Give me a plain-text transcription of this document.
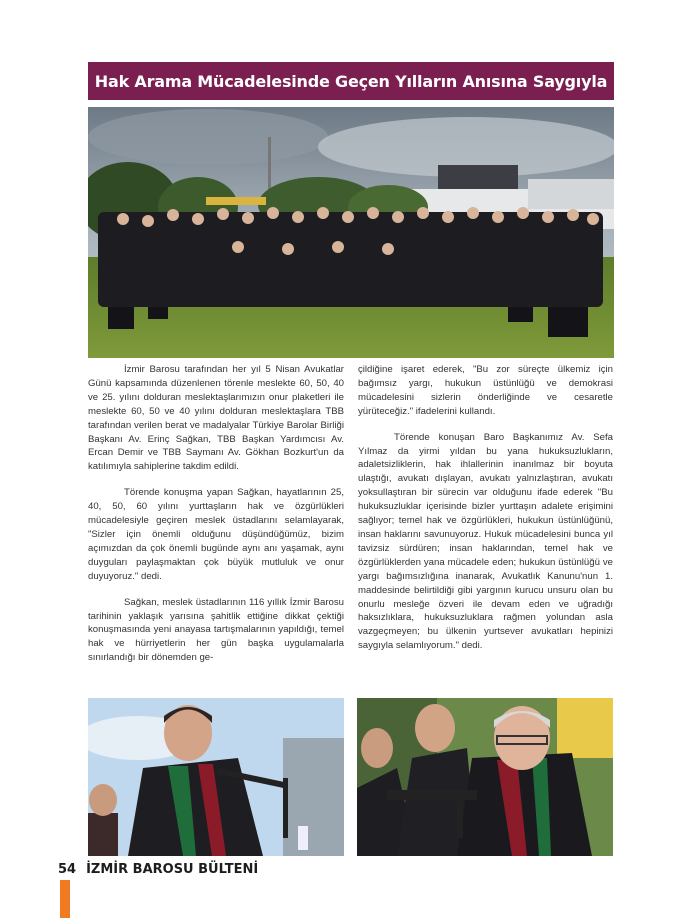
Hak Arama Mücadelesinde Geçen Yılların Anısına Saygıyla

İzmir Barosu tarafından her yıl 5 Nisan Avukatlar Günü kapsamında düzenlenen törenle meslekte 60, 50, 40 ve 25. yılını dolduran meslektaşlarımızın onur plaketleri ile meslekte 60, 50 ve 40 yılını dolduran meslektaşlara TBB tarafından verilen berat ve madalyalar Türkiye Barolar Birliği Başkanı Av. Erinç Sağkan, TBB Başkan Yardımcısı Av. Ercan Demir ve TBB Saymanı Av. Gökhan Bozkurt'un da katılımıyla sahiplerine takdim edildi.

Törende konuşma yapan Sağkan, hayatlarının 25, 40, 50, 60 yılını yurttaşların hak ve özgürlükleri mücadelesiyle geçiren meslek üstadlarını selamlayarak, "Sizler için önemli olduğunu düşündüğümüz, bizim açımızdan da çok önemli bugünde aynı anı yaşamak, aynı duyguları paylaşmaktan çok büyük mutluluk ve onur duyuyoruz." dedi.

Sağkan, meslek üstadlarının 116 yıllık İzmir Barosu tarihinin yaklaşık yarısına şahitlik ettiğine dikkat çektiği konuşmasında yeni anayasa tartışmalarının yapıldığı, temel hak ve hürriyetlerin her gün başka uygulamalarla sınırlandığı bir dönemden ge-

çildiğine işaret ederek, "Bu zor süreçte ülkemiz için bağımsız yargı, hukukun üstünlüğü ve demokrasi mücadelesini sizlerin önderliğinde ve cesaretle yürüteceğiz." ifadelerini kullandı.

Törende konuşan Baro Başkanımız Av. Sefa Yılmaz da yirmi yıldan bu yana hukuksuzlukların, adaletsizliklerin, hak ihlallerinin inanılmaz bir boyuta ulaştığı, avukatı dışlayan, avukatı yalnızlaştıran, avukatı yoksullaştıran bir sürecin var olduğunu ifade ederek "Bu hukuksuzluklar içerisinde bizler yurttaşın adalete erişimini sağlıyor; temel hak ve özgürlükleri, hukukun üstünlüğünü, insan haklarını savunuyoruz. Hukuk mücadelesini bunca yıl tavizsiz sürdüren; insan haklarından, temel hak ve özgürlüklerden yana mücadele eden; hukukun üstünlüğü ve yargı bağımsızlığına inanarak, Avukatlık Kanunu'nun 1. maddesinde belirtildiği gibi yargının kurucu unsuru olan bu onurlu mesleğe özveri ile devam eden ve uğradığı haksızlıklara, hukuksuzluklara rağmen yolundan asla vazgeçmeyen; bu ülkenin yurtsever avukatları hepinizi saygıyla selamlıyorum." dedi.

54 İZMİR BAROSU BÜLTENİ
